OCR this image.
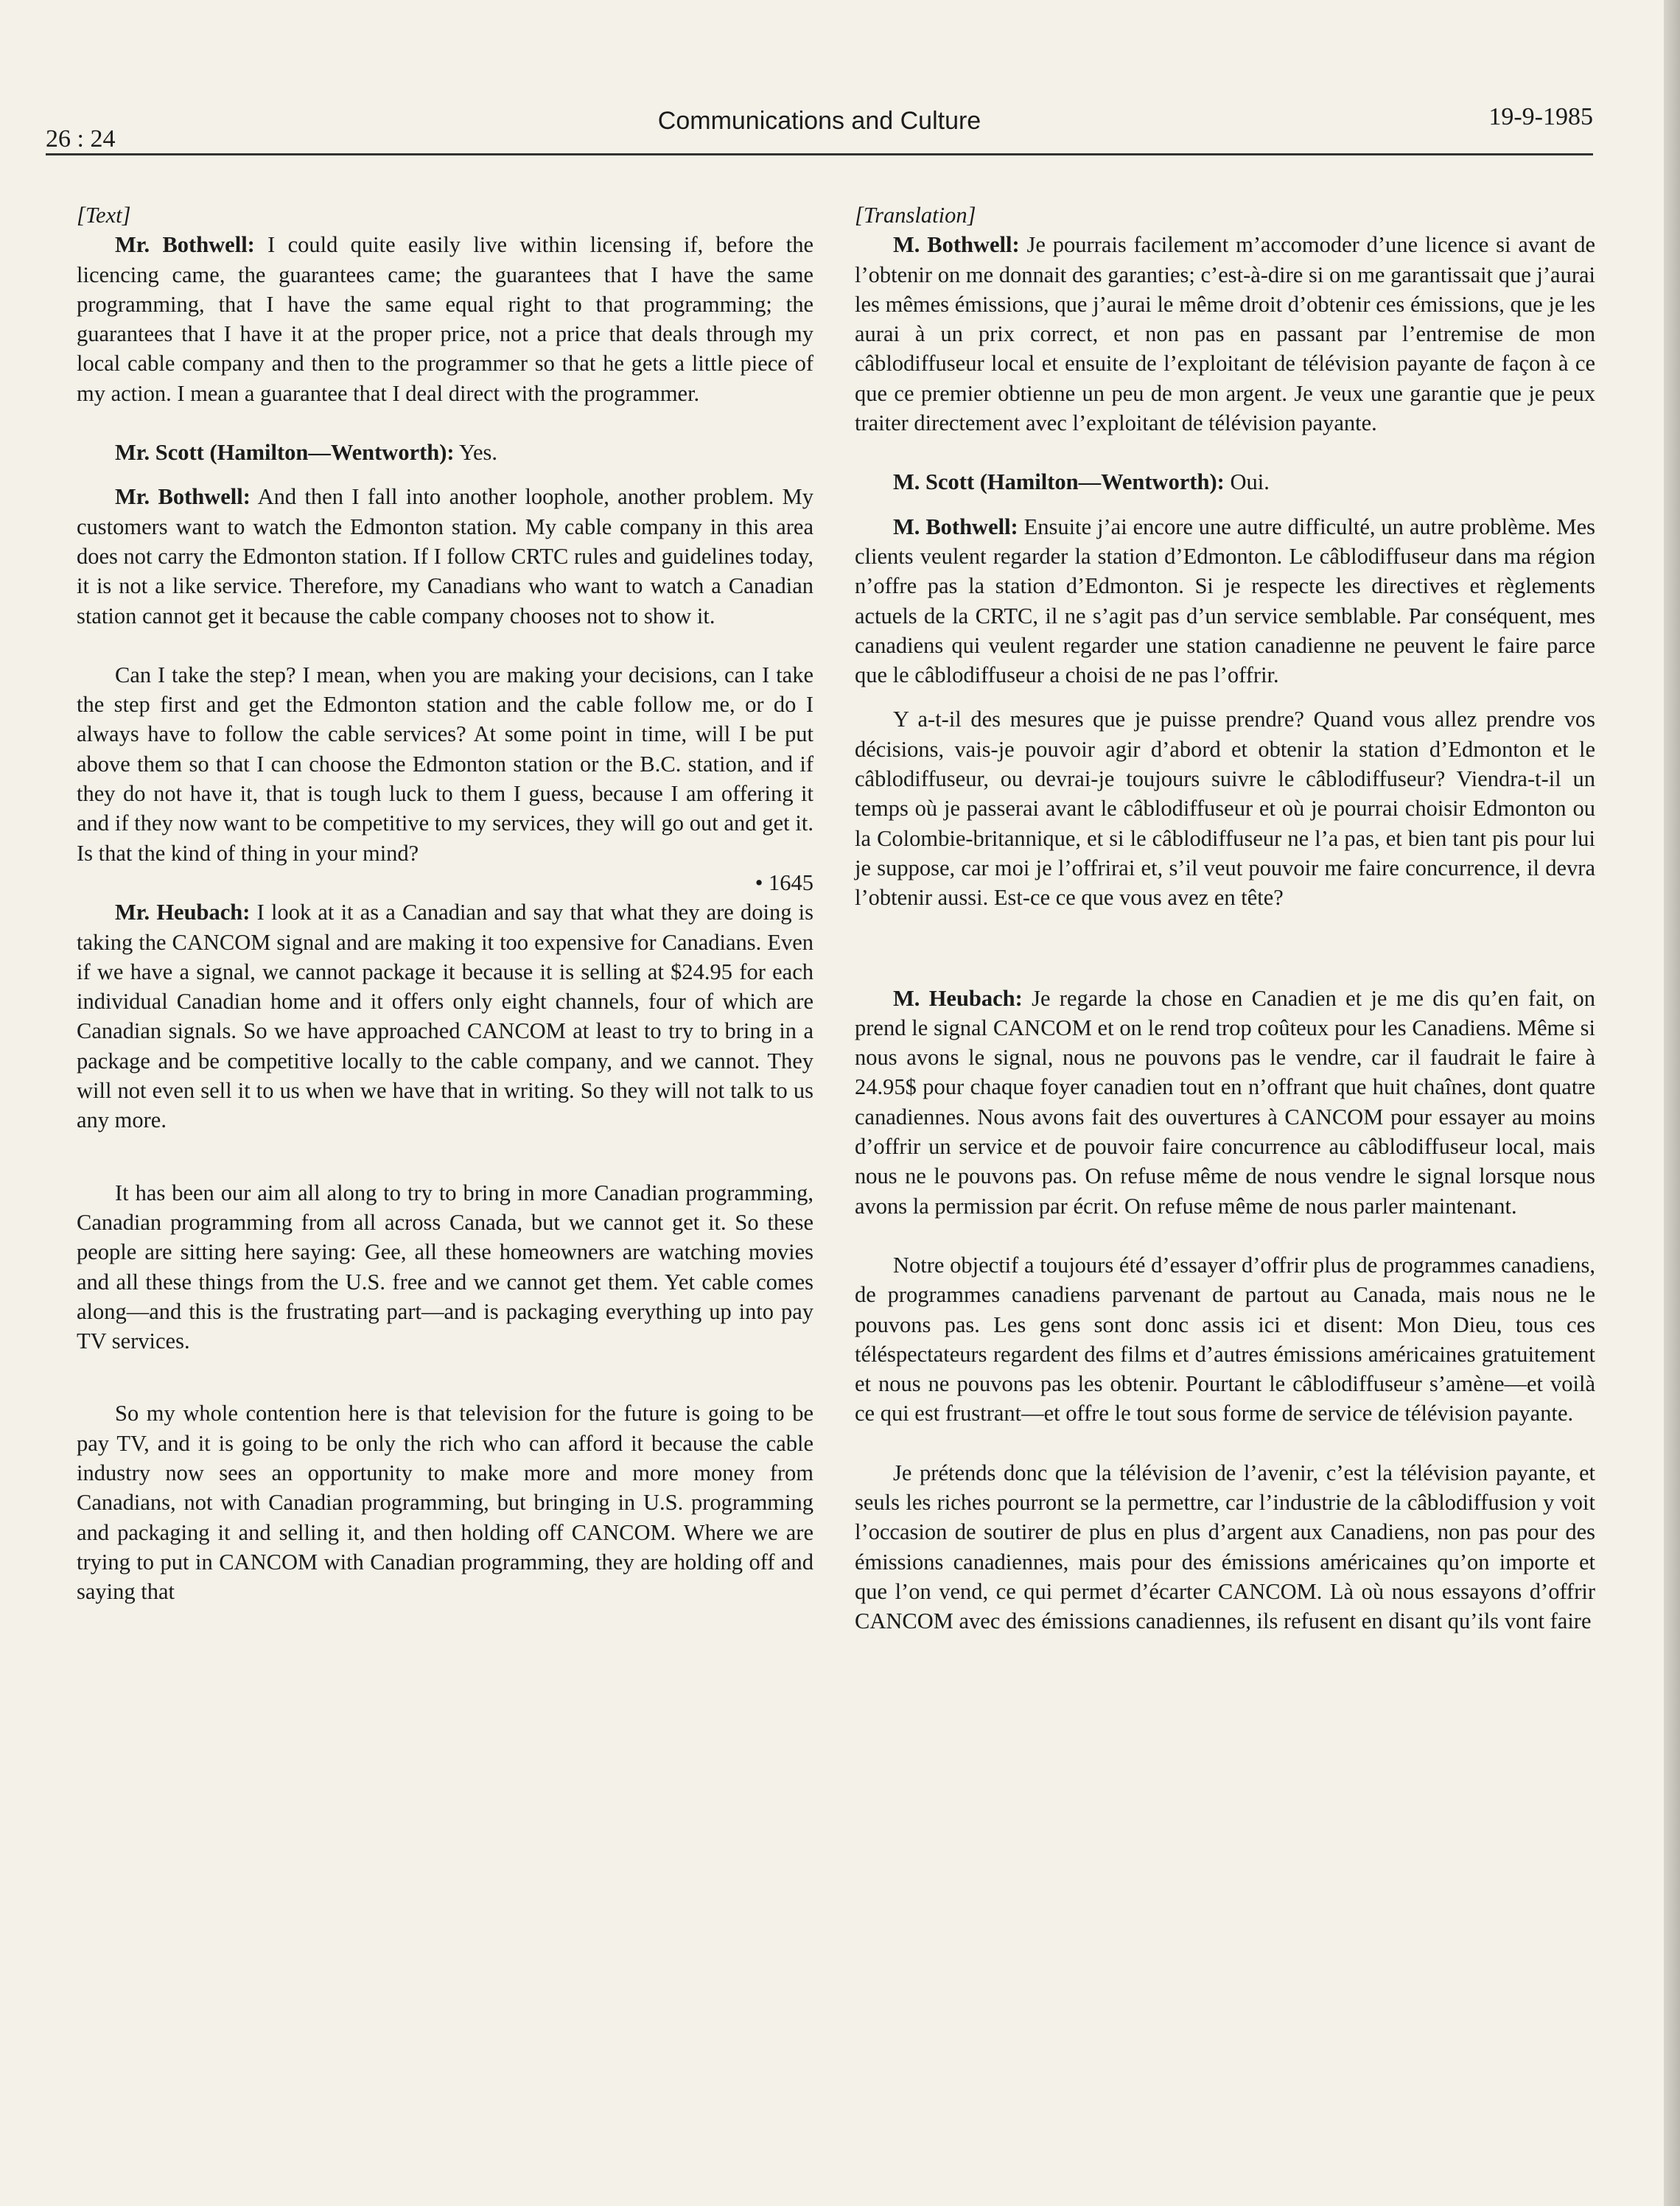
26 : 24
Communications and Culture	19-9-1985

[Text]

Mr. Bothwell: I could quite easily live within licensing if, before the licencing came, the guarantees came; the guarantees that I have the same programming, that I have the same equal right to that programming; the guarantees that I have it at the proper price, not a price that deals through my local cable company and then to the programmer so that he gets a little piece of my action. I mean a guarantee that I deal direct with the programmer.

Mr. Scott (Hamilton—Wentworth): Yes.

Mr. Bothwell: And then I fall into another loophole, another problem. My customers want to watch the Edmonton station. My cable company in this area does not carry the Edmonton station. If I follow CRTC rules and guidelines today, it is not a like service. Therefore, my Canadians who want to watch a Canadian station cannot get it because the cable company chooses not to show it.

Can I take the step? I mean, when you are making your decisions, can I take the step first and get the Edmonton station and the cable follow me, or do I always have to follow the cable services? At some point in time, will I be put above them so that I can choose the Edmonton station or the B.C. station, and if they do not have it, that is tough luck to them I guess, because I am offering it and if they now want to be competitive to my services, they will go out and get it. Is that the kind of thing in your mind?

• 1645

Mr. Heubach: I look at it as a Canadian and say that what they are doing is taking the CANCOM signal and are making it too expensive for Canadians. Even if we have a signal, we cannot package it because it is selling at $24.95 for each individual Canadian home and it offers only eight channels, four of which are Canadian signals. So we have approached CANCOM at least to try to bring in a package and be competitive locally to the cable company, and we cannot. They will not even sell it to us when we have that in writing. So they will not talk to us any more.

It has been our aim all along to try to bring in more Canadian programming, Canadian programming from all across Canada, but we cannot get it. So these people are sitting here saying: Gee, all these homeowners are watching movies and all these things from the U.S. free and we cannot get them. Yet cable comes along—and this is the frustrating part—and is packaging everything up into pay TV services.

So my whole contention here is that television for the future is going to be pay TV, and it is going to be only the rich who can afford it because the cable industry now sees an opportunity to make more and more money from Canadians, not with Canadian programming, but bringing in U.S. programming and packaging it and selling it, and then holding off CANCOM. Where we are trying to put in CANCOM with Canadian programming, they are holding off and saying that

[Translation]

M. Bothwell: Je pourrais facilement m’accomoder d’une licence si avant de l’obtenir on me donnait des garanties; c’est-à-dire si on me garantissait que j’aurai les mêmes émissions, que j’aurai le même droit d’obtenir ces émissions, que je les aurai à un prix correct, et non pas en passant par l’entremise de mon câblodiffuseur local et ensuite de l’exploitant de télévision payante de façon à ce que ce premier obtienne un peu de mon argent. Je veux une garantie que je peux traiter directement avec l’exploitant de télévision payante.

M. Scott (Hamilton—Wentworth): Oui.

M. Bothwell: Ensuite j’ai encore une autre difficulté, un autre problème. Mes clients veulent regarder la station d’Edmonton. Le câblodiffuseur dans ma région n’offre pas la station d’Edmonton. Si je respecte les directives et règlements actuels de la CRTC, il ne s’agit pas d’un service semblable. Par conséquent, mes canadiens qui veulent regarder une station canadienne ne peuvent le faire parce que le câblodiffuseur a choisi de ne pas l’offrir.

Y a-t-il des mesures que je puisse prendre? Quand vous allez prendre vos décisions, vais-je pouvoir agir d’abord et obtenir la station d’Edmonton et le câblodiffuseur, ou devrai-je toujours suivre le câblodiffuseur? Viendra-t-il un temps où je passerai avant le câblodiffuseur et où je pourrai choisir Edmonton ou la Colombie-britannique, et si le câblodiffuseur ne l’a pas, et bien tant pis pour lui je suppose, car moi je l’offrirai et, s’il veut pouvoir me faire concurrence, il devra l’obtenir aussi. Est-ce ce que vous avez en tête?

M. Heubach: Je regarde la chose en Canadien et je me dis qu’en fait, on prend le signal CANCOM et on le rend trop coûteux pour les Canadiens. Même si nous avons le signal, nous ne pouvons pas le vendre, car il faudrait le faire à 24.95$ pour chaque foyer canadien tout en n’offrant que huit chaînes, dont quatre canadiennes. Nous avons fait des ouvertures à CANCOM pour essayer au moins d’offrir un service et de pouvoir faire concurrence au câblodiffuseur local, mais nous ne le pouvons pas. On refuse même de nous vendre le signal lorsque nous avons la permission par écrit. On refuse même de nous parler maintenant.

Notre objectif a toujours été d’essayer d’offrir plus de programmes canadiens, de programmes canadiens parvenant de partout au Canada, mais nous ne le pouvons pas. Les gens sont donc assis ici et disent: Mon Dieu, tous ces téléspectateurs regardent des films et d’autres émissions américaines gratuitement et nous ne pouvons pas les obtenir. Pourtant le câblodiffuseur s’amène—et voilà ce qui est frustrant—et offre le tout sous forme de service de télévision payante.

Je prétends donc que la télévision de l’avenir, c’est la télévision payante, et seuls les riches pourront se la permettre, car l’industrie de la câblodiffusion y voit l’occasion de soutirer de plus en plus d’argent aux Canadiens, non pas pour des émissions canadiennes, mais pour des émissions américaines qu’on importe et que l’on vend, ce qui permet d’écarter CANCOM. Là où nous essayons d’offrir CANCOM avec des émissions canadiennes, ils refusent en disant qu’ils vont faire
